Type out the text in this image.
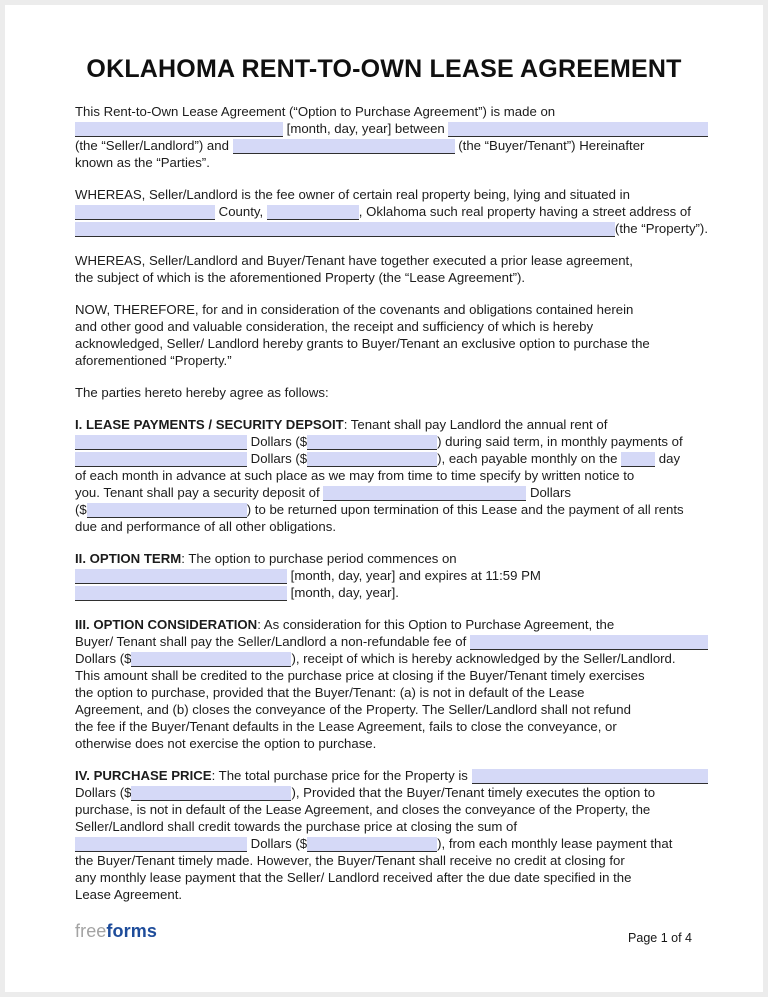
OKLAHOMA RENT-TO-OWN LEASE AGREEMENT
This Rent-to-Own Lease Agreement (“Option to Purchase Agreement”) is made on
[month, day, year] between
(the “Seller/Landlord”) and	(the “Buyer/Tenant”) Hereinafter
known as the “Parties”.
WHEREAS, Seller/Landlord is the fee owner of certain real property being, lying and situated in
County,	, Oklahoma such real property having a street address of
(the “Property”).
WHEREAS, Seller/Landlord and Buyer/Tenant have together executed a prior lease agreement,
the subject of which is the aforementioned Property (the “Lease Agreement”).
NOW, THEREFORE, for and in consideration of the covenants and obligations contained herein
and other good and valuable consideration, the receipt and sufficiency of which is hereby
acknowledged, Seller/ Landlord hereby grants to Buyer/Tenant an exclusive option to purchase the
aforementioned “Property.”
The parties hereto hereby agree as follows:
I. LEASE PAYMENTS / SECURITY DEPSOIT : Tenant shall pay Landlord the annual rent of
Dollars ($	) during said term, in monthly payments of
Dollars ($	), each payable monthly on the	day
of each month in advance at such place as we may from time to time specify by written notice to
you. Tenant shall pay a security deposit of	Dollars
($	) to be returned upon termination of this Lease and the payment of all rents
due and performance of all other obligations.
II. OPTION TERM : The option to purchase period commences on
[month, day, year] and expires at 11:59 PM
[month, day, year].
III. OPTION CONSIDERATION : As consideration for this Option to Purchase Agreement, the
Buyer/ Tenant shall pay the Seller/Landlord a non-refundable fee of
Dollars ($	), receipt of which is hereby acknowledged by the Seller/Landlord.
This amount shall be credited to the purchase price at closing if the Buyer/Tenant timely exercises
the option to purchase, provided that the Buyer/Tenant: (a) is not in default of the Lease
Agreement, and (b) closes the conveyance of the Property. The Seller/Landlord shall not refund
the fee if the Buyer/Tenant defaults in the Lease Agreement, fails to close the conveyance, or
otherwise does not exercise the option to purchase.
IV. PURCHASE PRICE : The total purchase price for the Property is
Dollars ($	), Provided that the Buyer/Tenant timely executes the option to
purchase, is not in default of the Lease Agreement, and closes the conveyance of the Property, the
Seller/Landlord shall credit towards the purchase price at closing the sum of
Dollars ($	), from each monthly lease payment that
the Buyer/Tenant timely made. However, the Buyer/Tenant shall receive no credit at closing for
any monthly lease payment that the Seller/ Landlord received after the due date specified in the
Lease Agreement.
freeforms	Page 1 of 4
